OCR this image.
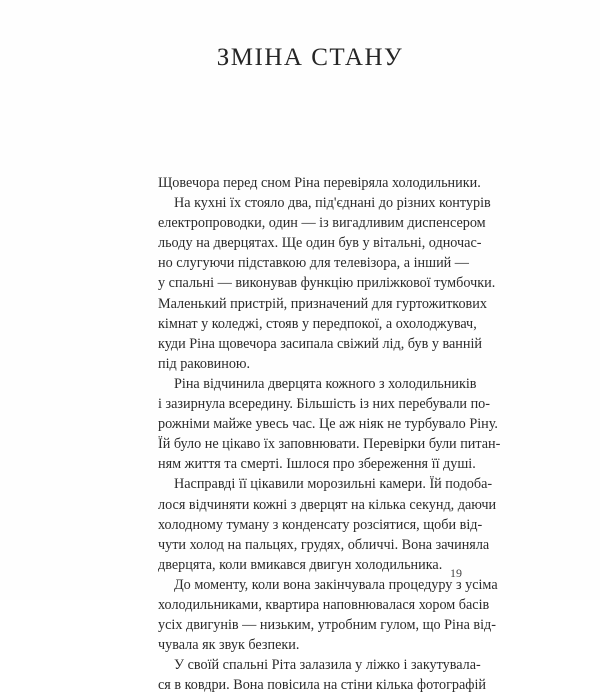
ЗМІНА СТАНУ
Щовечора перед сном Ріна перевіряла холодильники.
На кухні їх стояло два, під'єднані до різних контурів
електропроводки, один — із вигадливим диспенсером
льоду на дверцятах. Ще один був у вітальні, одночас-
но слугуючи підставкою для телевізора, а інший —
у спальні — виконував функцію приліжкової тумбочки.
Маленький пристрій, призначений для гуртожиткових
кімнат у коледжі, стояв у передпокої, а охолоджувач,
куди Ріна щовечора засипала свіжий лід, був у ванній
під раковиною.
Ріна відчинила дверцята кожного з холодильників
і зазирнула всередину. Більшість із них перебували по-
рожніми майже увесь час. Це аж ніяк не турбувало Ріну.
Їй було не цікаво їх заповнювати. Перевірки були питан-
ням життя та смерті. Ішлося про збереження її душі.
Насправді її цікавили морозильні камери. Їй подоба-
лося відчиняти кожні з дверцят на кілька секунд, даючи
холодному туману з конденсату розсіятися, щоби від-
чути холод на пальцях, грудях, обличчі. Вона зачиняла
дверцята, коли вмикався двигун холодильника.
До моменту, коли вона закінчувала процедуру з усіма
холодильниками, квартира наповнювалася хором басів
усіх двигунів — низьким, утробним гулом, що Ріна від-
чувала як звук безпеки.
У своїй спальні Ріта залазила у ліжко і закутувала-
ся в ковдри. Вона повісила на стіни кілька фотографій
19
